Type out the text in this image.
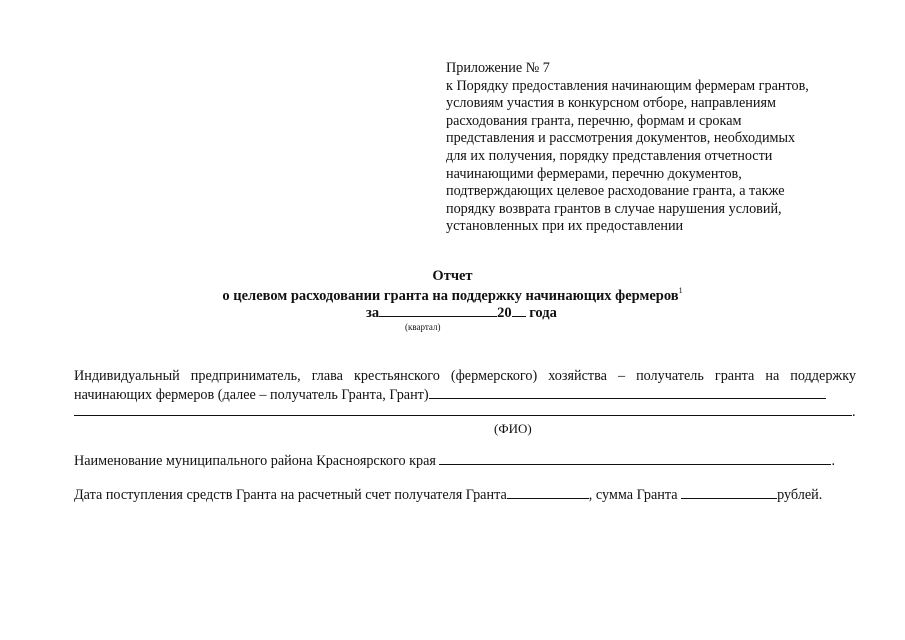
Приложение № 7
к Порядку предоставления начинающим фермерам грантов,
условиям участия в конкурсном отборе, направлениям
расходования гранта, перечню, формам и срокам
представления и рассмотрения документов, необходимых
для их получения, порядку представления отчетности
начинающими фермерами, перечню документов,
подтверждающих целевое расходование гранта, а также
порядку возврата грантов в случае нарушения условий,
установленных при их предоставлении
Отчет
о целевом расходовании гранта на поддержку начинающих фермеров$^1$
за	20 года
(квартал)
Индивидуальный предприниматель, глава крестьянского (фермерского) хозяйства – получатель гранта на поддержку
начинающих фермеров (далее – получатель Гранта, Грант)
.
(ФИО)
Наименование муниципального района Красноярского края	.
Дата поступления средств Гранта на расчетный счет получателя Гранта	, сумма Гранта	рублей.
